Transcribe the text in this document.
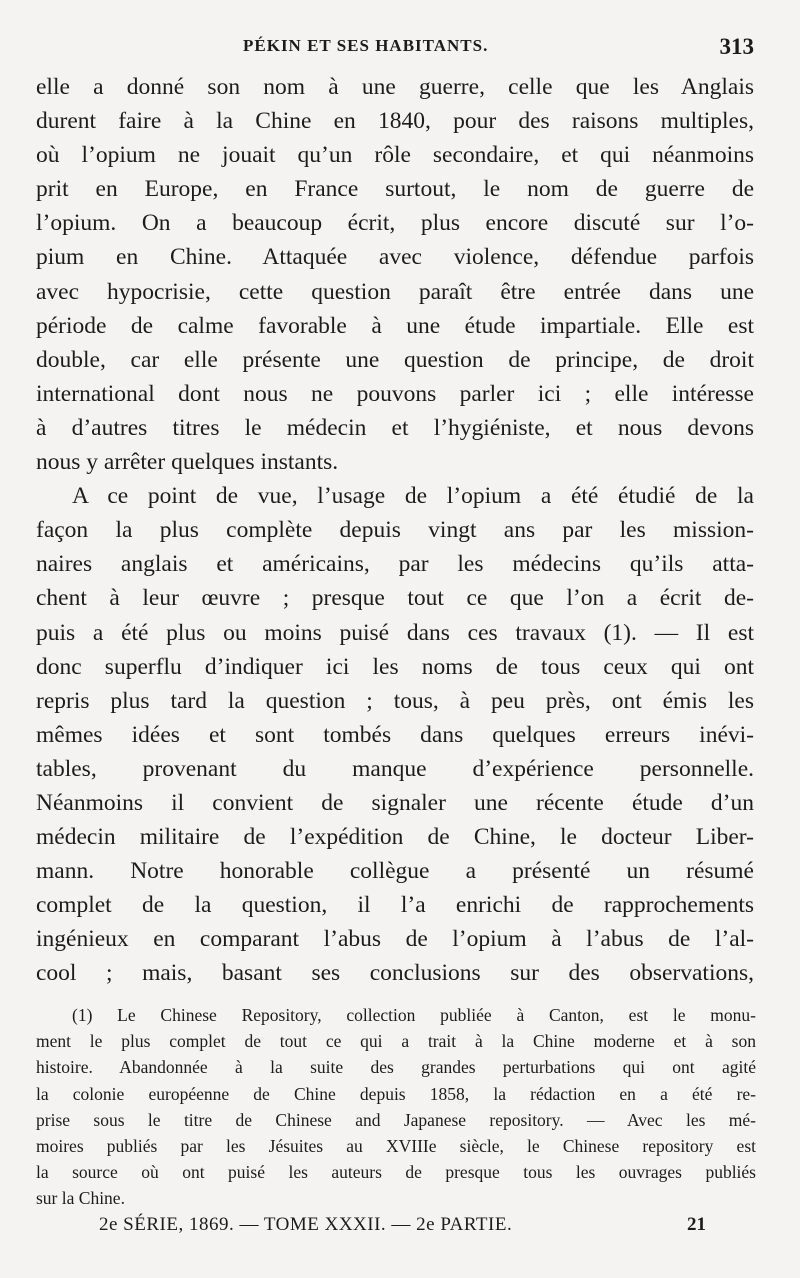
PÉKIN ET SES HABITANTS.	313
elle a donné son nom à une guerre, celle que les Anglais
durent faire à la Chine en 1840, pour des raisons multiples,
où l’opium ne jouait qu’un rôle secondaire, et qui néanmoins
prit en Europe, en France surtout, le nom de guerre de
l’opium. On a beaucoup écrit, plus encore discuté sur l’o-
pium en Chine. Attaquée avec violence, défendue parfois
avec hypocrisie, cette question paraît être entrée dans une
période de calme favorable à une étude impartiale. Elle est
double, car elle présente une question de principe, de droit
international dont nous ne pouvons parler ici ; elle intéresse
à d’autres titres le médecin et l’hygiéniste, et nous devons
nous y arrêter quelques instants.
A ce point de vue, l’usage de l’opium a été étudié de la
façon la plus complète depuis vingt ans par les mission-
naires anglais et américains, par les médecins qu’ils atta-
chent à leur œuvre ; presque tout ce que l’on a écrit de-
puis a été plus ou moins puisé dans ces travaux (1). — Il est
donc superflu d’indiquer ici les noms de tous ceux qui ont
repris plus tard la question ; tous, à peu près, ont émis les
mêmes idées et sont tombés dans quelques erreurs inévi-
tables, provenant du manque d’expérience personnelle.
Néanmoins il convient de signaler une récente étude d’un
médecin militaire de l’expédition de Chine, le docteur Liber-
mann. Notre honorable collègue a présenté un résumé
complet de la question, il l’a enrichi de rapprochements
ingénieux en comparant l’abus de l’opium à l’abus de l’al-
cool ; mais, basant ses conclusions sur des observations,
(1) Le Chinese Repository, collection publiée à Canton, est le monu-
ment le plus complet de tout ce qui a trait à la Chine moderne et à son
histoire. Abandonnée à la suite des grandes perturbations qui ont agité
la colonie européenne de Chine depuis 1858, la rédaction en a été re-
prise sous le titre de Chinese and Japanese repository. — Avec les mé-
moires publiés par les Jésuites au XVIIIe siècle, le Chinese repository est
la source où ont puisé les auteurs de presque tous les ouvrages publiés
sur la Chine.
2e SÉRIE, 1869. — TOME XXXII. — 2e PARTIE.	21
